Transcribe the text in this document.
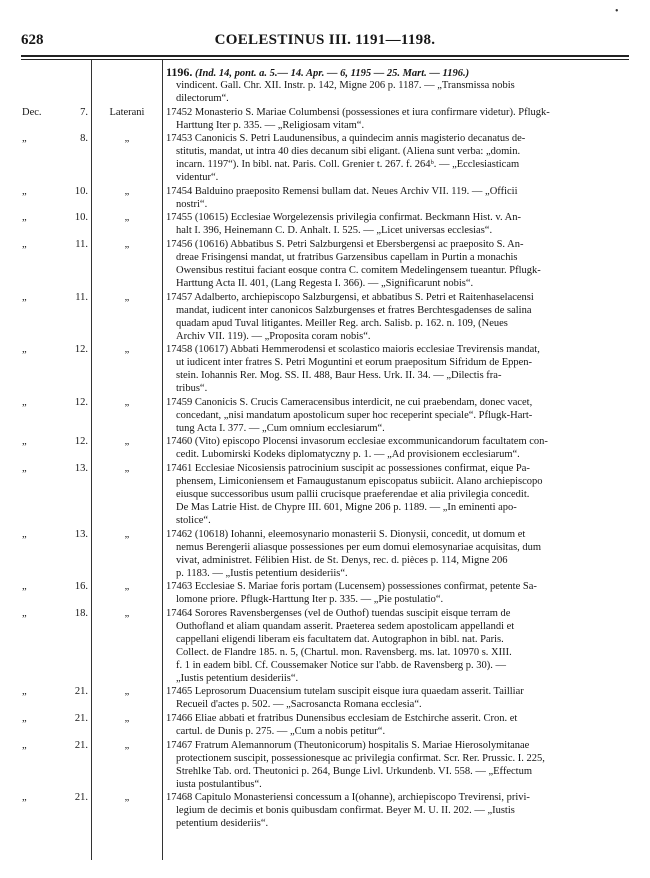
628	COELESTINUS III. 1191—1198.
•
1196. (Ind. 14, pont. a. 5.— 14. Apr. — 6, 1195 — 25. Mart. — 1196.)
vindicent. Gall. Chr. XII. Instr. p. 142, Migne 206 p. 1187. — „Transmissa nobis
dilectorum“.
Dec.	7.	Laterani	17452 Monasterio S. Mariae Columbensi (possessiones et iura confirmare videtur). Pflugk-
Harttung Iter p. 335. — „Religiosam vitam“.
„	8.	„	17453 Canonicis S. Petri Laudunensibus, a quindecim annis magisterio decanatus de-
stitutis, mandat, ut intra 40 dies decanum sibi eligant. (Aliena sunt verba: „domin.
incarn. 1197“). In bibl. nat. Paris. Coll. Grenier t. 267. f. 264ᵇ. — „Ecclesiasticam
videntur“.
„	10.	„	17454 Balduino praeposito Remensi bullam dat. Neues Archiv VII. 119. — „Officii
nostri“.
„	10.	„	17455 (10615) Ecclesiae Worgelezensis privilegia confirmat. Beckmann Hist. v. An-
halt I. 396, Heinemann C. D. Anhalt. I. 525. — „Licet universas ecclesias“.
„	11.	„	17456 (10616) Abbatibus S. Petri Salzburgensi et Ebersbergensi ac praeposito S. An-
dreae Frisingensi mandat, ut fratribus Garzensibus capellam in Purtin a monachis
Owensibus restitui faciant eosque contra C. comitem Medelingensem tueantur. Pflugk-
Harttung Acta II. 401, (Lang Regesta I. 366). — „Significarunt nobis“.
„	11.	„	17457 Adalberto, archiepiscopo Salzburgensi, et abbatibus S. Petri et Raitenhaselacensi
mandat, iudicent inter canonicos Salzburgenses et fratres Berchtesgadenses de salina
quadam apud Tuval litigantes. Meiller Reg. arch. Salisb. p. 162. n. 109, (Neues
Archiv VII. 119). — „Proposita coram nobis“.
„	12.	„	17458 (10617) Abbati Hemmerodensi et scolastico maioris ecclesiae Trevirensis mandat,
ut iudicent inter fratres S. Petri Moguntini et eorum praepositum Sifridum de Eppen-
stein. Iohannis Rer. Mog. SS. II. 488, Baur Hess. Urk. II. 34. — „Dilectis fra-
tribus“.
„	12.	„	17459 Canonicis S. Crucis Cameracensibus interdicit, ne cui praebendam, donec vacet,
concedant, „nisi mandatum apostolicum super hoc receperint speciale“. Pflugk-Hart-
tung Acta I. 377. — „Cum omnium ecclesiarum“.
„	12.	„	17460 (Vito) episcopo Plocensi invasorum ecclesiae excommunicandorum facultatem con-
cedit. Lubomirski Kodeks diplomatyczny p. 1. — „Ad provisionem ecclesiarum“.
„	13.	„	17461 Ecclesiae Nicosiensis patrocinium suscipit ac possessiones confirmat, eique Pa-
phensem, Limiconiensem et Famaugustanum episcopatus subiicit. Alano archiepiscopo
eiusque successoribus usum pallii crucisque praeferendae et alia privilegia concedit.
De Mas Latrie Hist. de Chypre III. 601, Migne 206 p. 1189. — „In eminenti apo-
stolice“.
„	13.	„	17462 (10618) Iohanni, eleemosynario monasterii S. Dionysii, concedit, ut domum et
nemus Berengerii aliasque possessiones per eum domui elemosynariae acquisitas, dum
vivat, administret. Félibien Hist. de St. Denys, rec. d. pièces p. 114, Migne 206
p. 1183. — „Iustis petentium desideriis“.
„	16.	„	17463 Ecclesiae S. Mariae foris portam (Lucensem) possessiones confirmat, petente Sa-
lomone priore. Pflugk-Harttung Iter p. 335. — „Pie postulatio“.
„	18.	„	17464 Sorores Ravensbergenses (vel de Outhof) tuendas suscipit eisque terram de
Outhofland et aliam quandam asserit. Praeterea sedem apostolicam appellandi et
cappellani eligendi liberam eis facultatem dat. Autographon in bibl. nat. Paris.
Collect. de Flandre 185. n. 5, (Chartul. mon. Ravensberg. ms. lat. 10970 s. XIII.
f. 1 in eadem bibl. Cf. Coussemaker Notice sur l'abb. de Ravensberg p. 30). —
„Iustis petentium desideriis“.
„	21.	„	17465 Leprosorum Duacensium tutelam suscipit eisque iura quaedam asserit. Tailliar
Recueil d'actes p. 502. — „Sacrosancta Romana ecclesia“.
„	21.	„	17466 Eliae abbati et fratribus Dunensibus ecclesiam de Estchirche asserit. Cron. et
cartul. de Dunis p. 275. — „Cum a nobis petitur“.
„	21.	„	17467 Fratrum Alemannorum (Theutonicorum) hospitalis S. Mariae Hierosolymitanae
protectionem suscipit, possessionesque ac privilegia confirmat. Scr. Rer. Prussic. I. 225,
Strehlke Tab. ord. Theutonici p. 264, Bunge Livl. Urkundenb. VI. 558. — „Effectum
iusta postulantibus“.
„	21.	„	17468 Capitulo Monasteriensi concessum a I(ohanne), archiepiscopo Trevirensi, privi-
legium de decimis et bonis quibusdam confirmat. Beyer M. U. II. 202. — „Iustis
petentium desideriis“.
